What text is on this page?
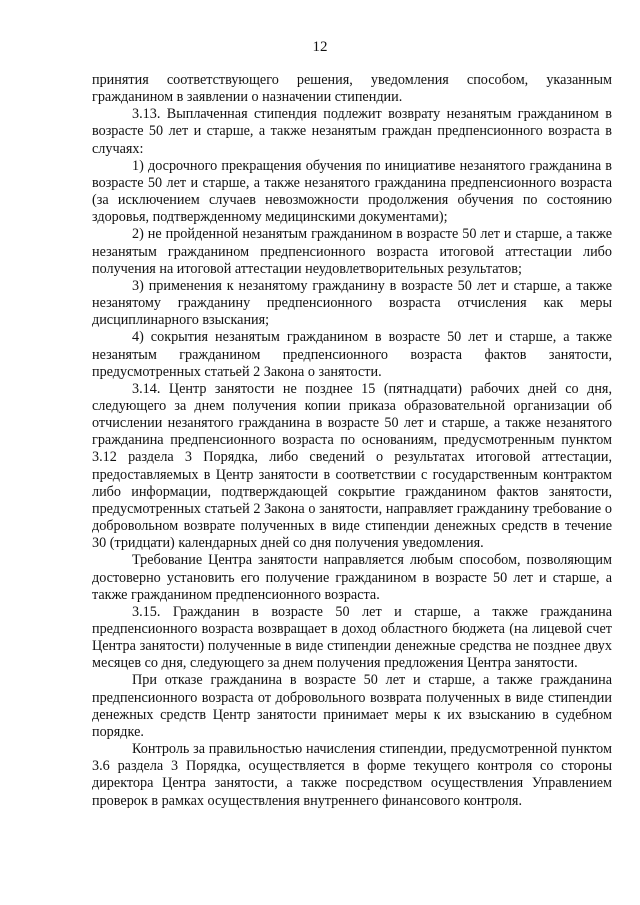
12

принятия соответствующего решения, уведомления способом, указанным гражданином в заявлении о назначении стипендии.

3.13. Выплаченная стипендия подлежит возврату незанятым гражданином в возрасте 50 лет и старше, а также незанятым граждан предпенсионного возраста в случаях:

1) досрочного прекращения обучения по инициативе незанятого гражданина в возрасте 50 лет и старше, а также незанятого гражданина предпенсионного возраста (за исключением случаев невозможности продолжения обучения по состоянию здоровья, подтвержденному медицинскими документами);

2) не пройденной незанятым гражданином в возрасте 50 лет и старше, а также незанятым гражданином предпенсионного возраста итоговой аттестации либо получения на итоговой аттестации неудовлетворительных результатов;

3) применения к незанятому гражданину в возрасте 50 лет и старше, а также незанятому гражданину предпенсионного возраста отчисления как меры дисциплинарного взыскания;

4) сокрытия незанятым гражданином в возрасте 50 лет и старше, а также незанятым гражданином предпенсионного возраста фактов занятости, предусмотренных статьей 2 Закона о занятости.

3.14. Центр занятости не позднее 15 (пятнадцати) рабочих дней со дня, следующего за днем получения копии приказа образовательной организации об отчислении незанятого гражданина в возрасте 50 лет и старше, а также незанятого гражданина предпенсионного возраста по основаниям, предусмотренным пунктом 3.12 раздела 3 Порядка, либо сведений о результатах итоговой аттестации, предоставляемых в Центр занятости в соответствии с государственным контрактом либо информации, подтверждающей сокрытие гражданином фактов занятости, предусмотренных статьей 2 Закона о занятости, направляет гражданину требование о добровольном возврате полученных в виде стипендии денежных средств в течение 30 (тридцати) календарных дней со дня получения уведомления.

Требование Центра занятости направляется любым способом, позволяющим достоверно установить его получение гражданином в возрасте 50 лет и старше, а также гражданином предпенсионного возраста.

3.15. Гражданин в возрасте 50 лет и старше, а также гражданина предпенсионного возраста возвращает в доход областного бюджета (на лицевой счет Центра занятости) полученные в виде стипендии денежные средства не позднее двух месяцев со дня, следующего за днем получения предложения Центра занятости.

При отказе гражданина в возрасте 50 лет и старше, а также гражданина предпенсионного возраста от добровольного возврата полученных в виде стипендии денежных средств Центр занятости принимает меры к их взысканию в судебном порядке.

Контроль за правильностью начисления стипендии, предусмотренной пунктом 3.6 раздела 3 Порядка, осуществляется в форме текущего контроля со стороны директора Центра занятости, а также посредством осуществления Управлением проверок в рамках осуществления внутреннего финансового контроля.
